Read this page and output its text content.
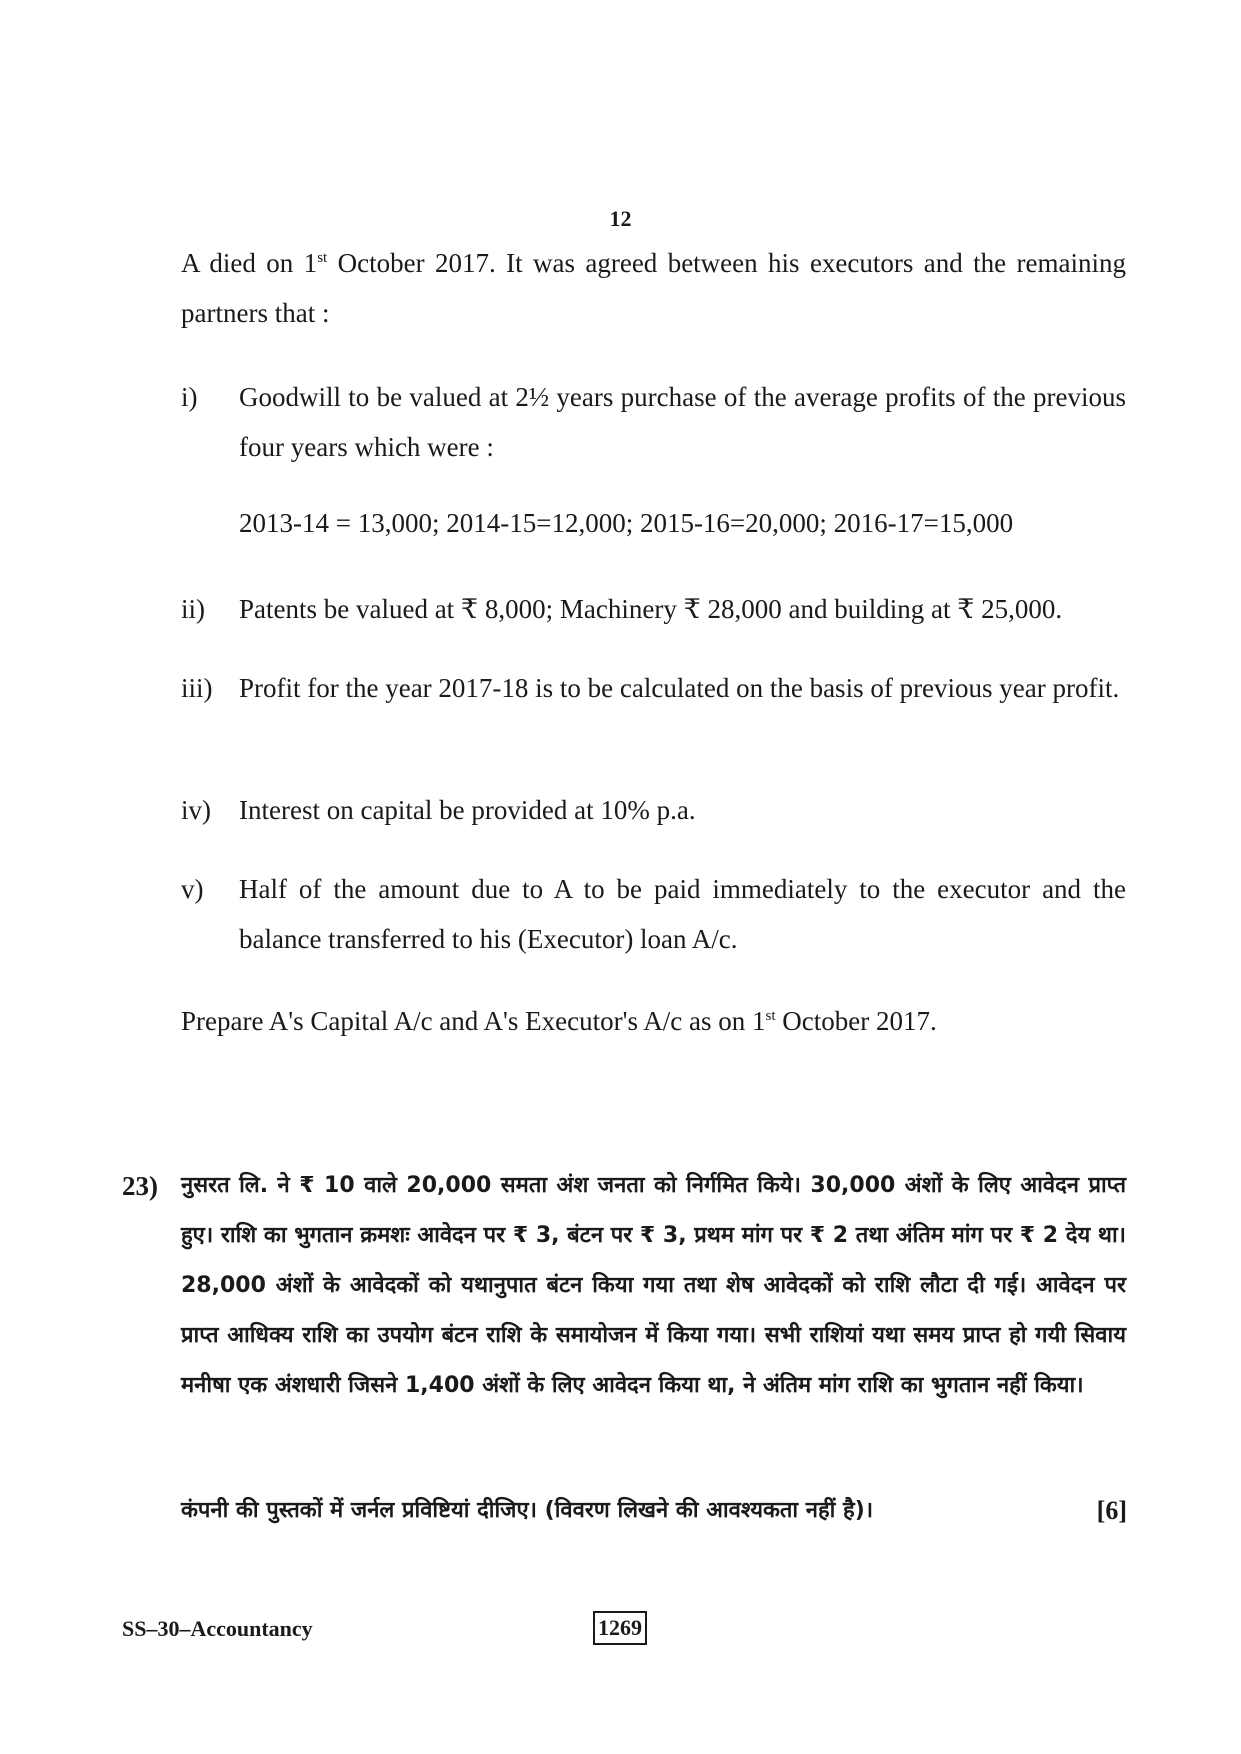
12
A died on 1st October 2017. It was agreed between his executors and the remaining partners that :
i) Goodwill to be valued at 2½ years purchase of the average profits of the previous four years which were :
2013-14 = 13,000; 2014-15=12,000; 2015-16=20,000; 2016-17=15,000
ii) Patents be valued at ₹ 8,000; Machinery ₹ 28,000 and building at ₹ 25,000.
iii) Profit for the year 2017-18 is to be calculated on the basis of previous year profit.
iv) Interest on capital be provided at 10% p.a.
v) Half of the amount due to A to be paid immediately to the executor and the balance transferred to his (Executor) loan A/c.
Prepare A's Capital A/c and A's Executor's A/c as on 1st October 2017.
23) नुसरत लि. ने ₹ 10 वाले 20,000 समता अंश जनता को निर्गमित किये। 30,000 अंशों के लिए आवेदन प्राप्त हुए। राशि का भुगतान क्रमशः आवेदन पर ₹ 3, बंटन पर ₹ 3, प्रथम मांग पर ₹ 2 तथा अंतिम मांग पर ₹ 2 देय था। 28,000 अंशों के आवेदकों को यथानुपात बंटन किया गया तथा शेष आवेदकों को राशि लौटा दी गई। आवेदन पर प्राप्त आधिक्य राशि का उपयोग बंटन राशि के समायोजन में किया गया। सभी राशियां यथा समय प्राप्त हो गयी सिवाय मनीषा एक अंशधारी जिसने 1,400 अंशों के लिए आवेदन किया था, ने अंतिम मांग राशि का भुगतान नहीं किया।
कंपनी की पुस्तकों में जर्नल प्रविष्टियां दीजिए। (विवरण लिखने की आवश्यकता नहीं है)।	[6]
SS–30–Accountancy	1269
